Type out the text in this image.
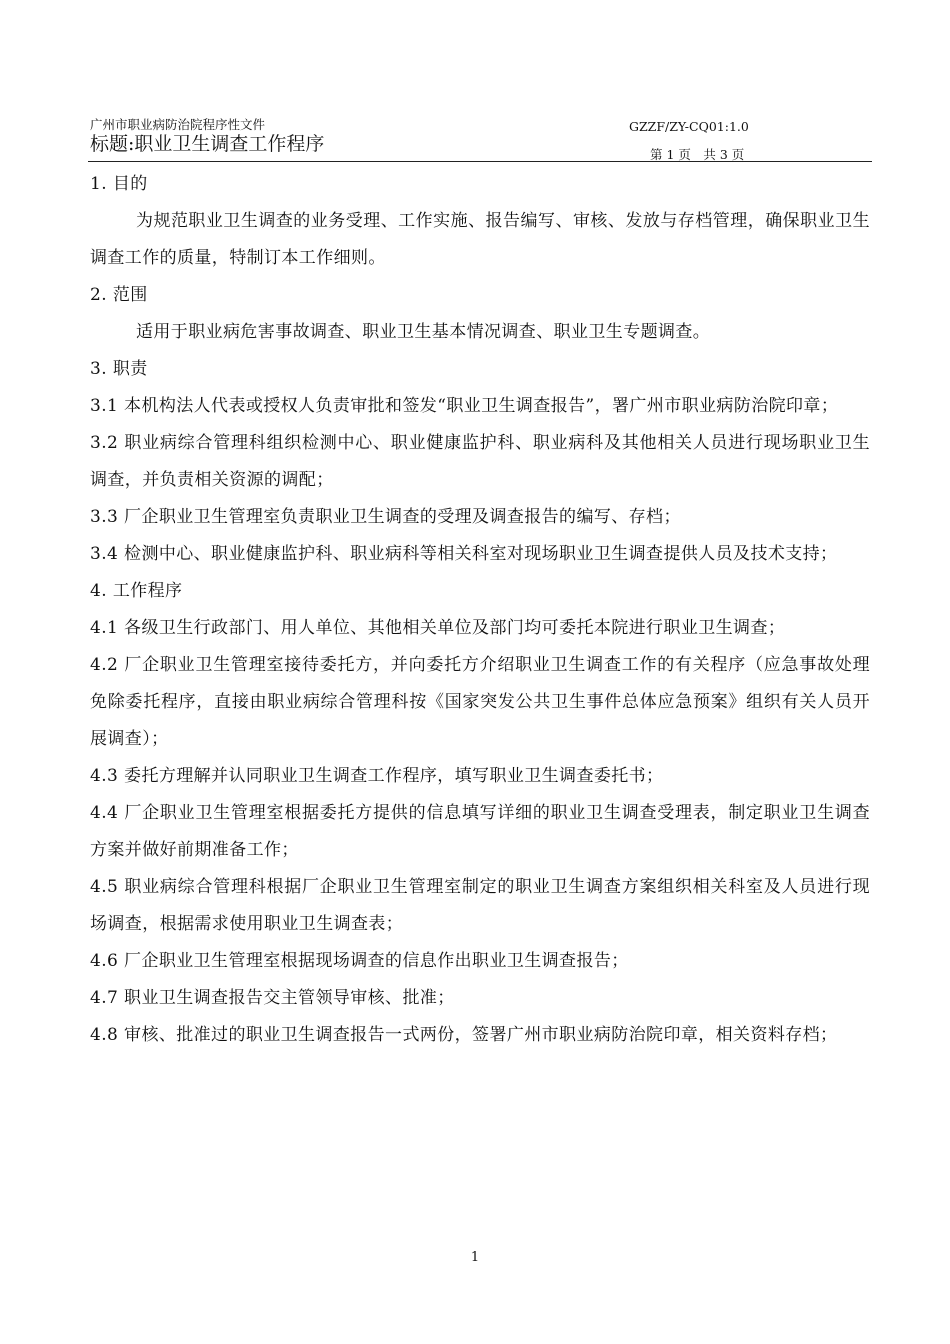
广州市职业病防治院程序性文件
标题:职业卫生调查工作程序
GZZF/ZY-CQ01:1.0
第 1 页　共 3 页

1. 目的

为规范职业卫生调查的业务受理、工作实施、报告编写、审核、发放与存档管理，确保职业卫生调查工作的质量，特制订本工作细则。

2. 范围

适用于职业病危害事故调查、职业卫生基本情况调查、职业卫生专题调查。

3. 职责

3.1 本机构法人代表或授权人负责审批和签发“职业卫生调查报告”，署广州市职业病防治院印章；

3.2 职业病综合管理科组织检测中心、职业健康监护科、职业病科及其他相关人员进行现场职业卫生调查，并负责相关资源的调配；

3.3 厂企职业卫生管理室负责职业卫生调查的受理及调查报告的编写、存档；

3.4 检测中心、职业健康监护科、职业病科等相关科室对现场职业卫生调查提供人员及技术支持；

4. 工作程序

4.1 各级卫生行政部门、用人单位、其他相关单位及部门均可委托本院进行职业卫生调查；

4.2 厂企职业卫生管理室接待委托方，并向委托方介绍职业卫生调查工作的有关程序（应急事故处理免除委托程序，直接由职业病综合管理科按《国家突发公共卫生事件总体应急预案》组织有关人员开展调查）；

4.3 委托方理解并认同职业卫生调查工作程序，填写职业卫生调查委托书；

4.4 厂企职业卫生管理室根据委托方提供的信息填写详细的职业卫生调查受理表，制定职业卫生调查方案并做好前期准备工作；

4.5 职业病综合管理科根据厂企职业卫生管理室制定的职业卫生调查方案组织相关科室及人员进行现场调查，根据需求使用职业卫生调查表；

4.6 厂企职业卫生管理室根据现场调查的信息作出职业卫生调查报告；

4.7 职业卫生调查报告交主管领导审核、批准；

4.8 审核、批准过的职业卫生调查报告一式两份，签署广州市职业病防治院印章，相关资料存档；

1
